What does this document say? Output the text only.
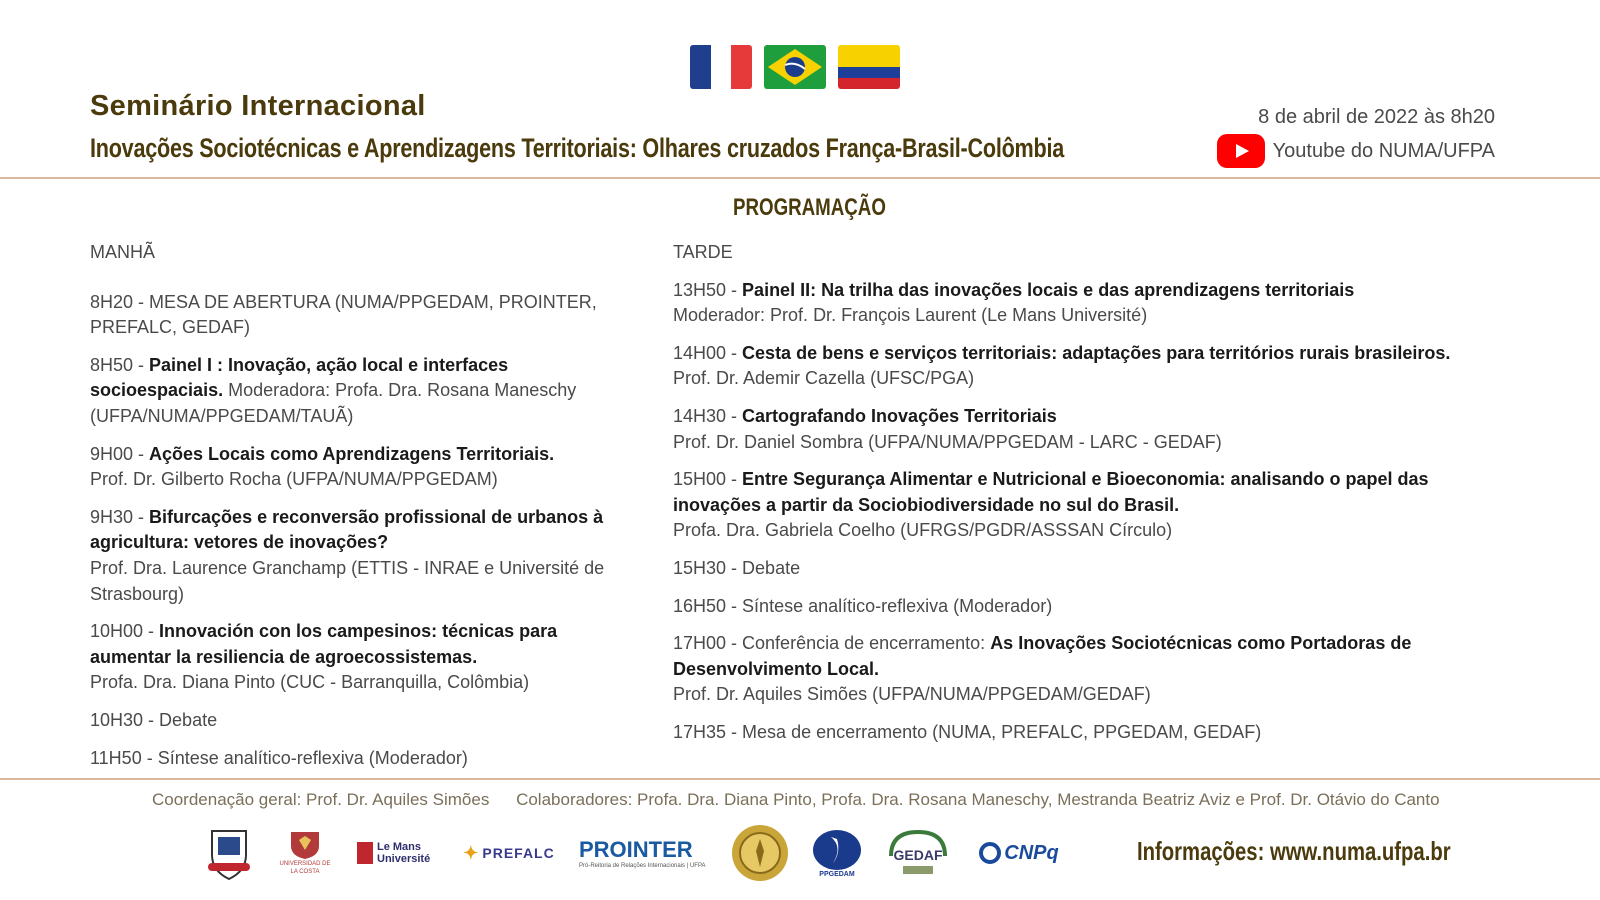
Seminário Internacional
Inovações Sociotécnicas e Aprendizagens Territoriais: Olhares cruzados França-Brasil-Colômbia
8 de abril de 2022 às 8h20
Youtube do NUMA/UFPA
PROGRAMAÇÃO
MANHÃ
8H20 - MESA DE ABERTURA (NUMA/PPGEDAM, PROINTER, PREFALC, GEDAF)
8H50 - Painel I : Inovação, ação local e interfaces socioespaciais. Moderadora: Profa. Dra. Rosana Maneschy (UFPA/NUMA/PPGEDAM/TAUÃ)
9H00 - Ações Locais como Aprendizagens Territoriais.
Prof. Dr. Gilberto Rocha (UFPA/NUMA/PPGEDAM)
9H30 - Bifurcações e reconversão profissional de urbanos à agricultura: vetores de inovações?
Prof. Dra. Laurence Granchamp (ETTIS - INRAE e Université de Strasbourg)
10H00 - Innovación con los campesinos: técnicas para aumentar la resiliencia de agroecossistemas.
Profa. Dra. Diana Pinto (CUC - Barranquilla, Colômbia)
10H30 - Debate
11H50 - Síntese analítico-reflexiva (Moderador)
TARDE
13H50 - Painel II: Na trilha das inovações locais e das aprendizagens territoriais
Moderador: Prof. Dr. François Laurent (Le Mans Université)
14H00 - Cesta de bens e serviços territoriais: adaptações para territórios rurais brasileiros.
Prof. Dr. Ademir Cazella (UFSC/PGA)
14H30 - Cartografando Inovações Territoriais
Prof. Dr. Daniel Sombra (UFPA/NUMA/PPGEDAM - LARC - GEDAF)
15H00 - Entre Segurança Alimentar e Nutricional e Bioeconomia: analisando o papel das inovações a partir da Sociobiodiversidade no sul do Brasil.
Profa. Dra. Gabriela Coelho (UFRGS/PGDR/ASSSAN Círculo)
15H30 - Debate
16H50 - Síntese analítico-reflexiva (Moderador)
17H00 - Conferência de encerramento: As Inovações Sociotécnicas como Portadoras de Desenvolvimento Local.
Prof. Dr. Aquiles Simões (UFPA/NUMA/PPGEDAM/GEDAF)
17H35 - Mesa de encerramento (NUMA, PREFALC, PPGEDAM, GEDAF)
Coordenação geral: Prof. Dr. Aquiles Simões Colaboradores: Profa. Dra. Diana Pinto, Profa. Dra. Rosana Maneschy, Mestranda Beatriz Aviz e Prof. Dr. Otávio do Canto
UNIVERSIDAD DE LA COSTA
Le Mans Université	✦ PREFALC PROINTER
Pró-Reitoria de Relações Internacionais | UFPA
PPGEDAM
GEDAF	CNPq	Informações: www.numa.ufpa.br
